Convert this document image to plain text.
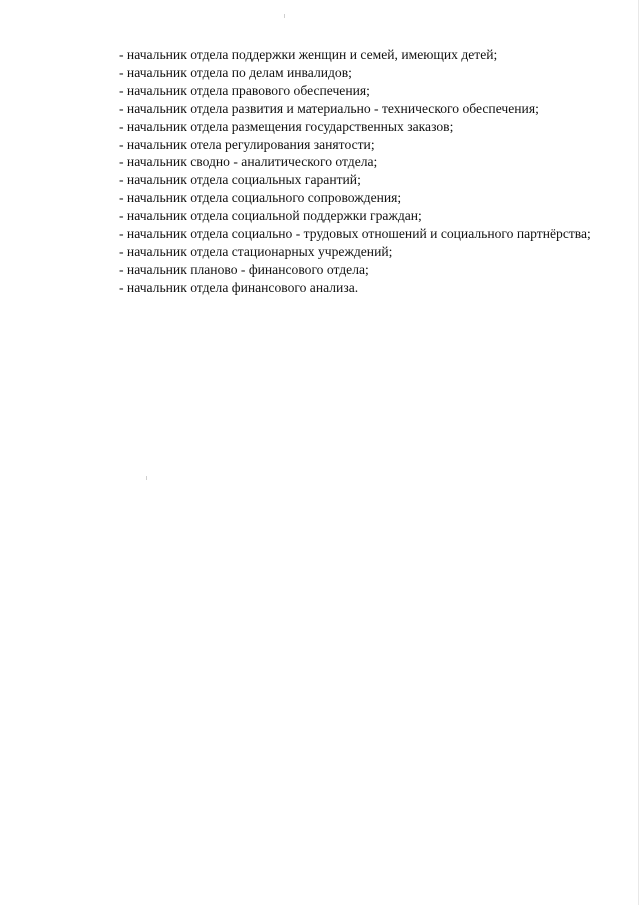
- начальник отдела поддержки женщин и семей, имеющих детей;

- начальник отдела по делам инвалидов;

- начальник отдела правового обеспечения;

- начальник отдела развития и материально - технического обеспечения;

- начальник отдела размещения государственных заказов;

- начальник отела регулирования занятости;

- начальник сводно - аналитического отдела;

- начальник отдела социальных гарантий;

- начальник отдела социального сопровождения;

- начальник отдела социальной поддержки граждан;

- начальник отдела социально - трудовых отношений и социального партнёрства;

- начальник отдела стационарных учреждений;

- начальник планово - финансового отдела;

- начальник отдела финансового анализа.
